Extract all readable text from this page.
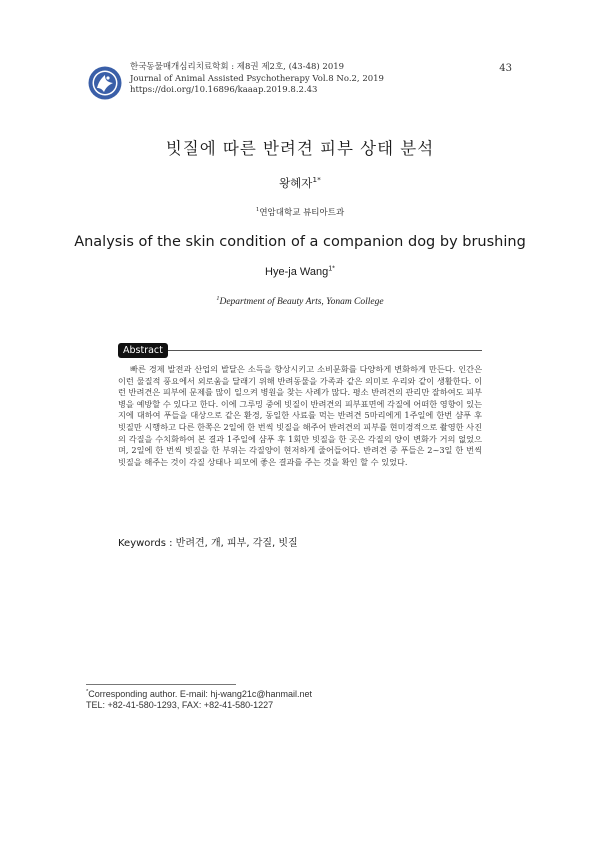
한국동물매개심리치료학회 : 제8권 제2호, (43-48) 2019
Journal of Animal Assisted Psychotherapy Vol.8 No.2, 2019
https://doi.org/10.16896/kaaap.2019.8.2.43
43
빗질에 따른 반려견 피부 상태 분석
왕혜자$^{1*}$
$^1$연암대학교 뷰티아트과
Analysis of the skin condition of a companion dog by brushing
Hye-ja Wang$^{1*}$
$^1$Department of Beauty Arts, Yonam College
Abstract

빠른 경제 발전과 산업의 발달은 소득을 향상시키고 소비문화를 다양하게 변화하게 만든다. 인간은 이런 물질적 풍요에서 외로움을 달래기 위해 반려동물을 가족과 같은 의미로 우리와 같이 생활한다. 이런 반려견은 피부에 문제를 많이 일으켜 병원을 찾는 사례가 많다. 평소 반려견의 관리만 잘하여도 피부병을 예방할 수 있다고 한다. 이에 그루밍 중에 빗질이 반려견의 피부표면에 각질에 어떠한 영향이 있는지에 대하여 푸들을 대상으로 같은 환경, 동일한 사료를 먹는 반려견 5마리에게 1주일에 한번 샴푸 후 빗질만 시행하고 다른 한쪽은 2일에 한 번씩 빗질을 해주어 반려견의 피부를 현미경적으로 촬영한 사진의 각질을 수치화하여 본 결과 1주일에 샴푸 후 1회만 빗질을 한 곳은 각질의 양이 변화가 거의 없었으며, 2일에 한 번씩 빗질을 한 부위는 각질양이 현저하게 줄어들어다. 반려견 중 푸들은 2~3일 한 번씩 빗질을 해주는 것이 각질 상태나 피모에 좋은 결과를 주는 것을 확인 할 수 있었다.

Keywords : 반려견, 개, 피부, 각질, 빗질
*Corresponding author. E-mail: hj-wang21c@hanmail.net
TEL: +82-41-580-1293, FAX: +82-41-580-1227
